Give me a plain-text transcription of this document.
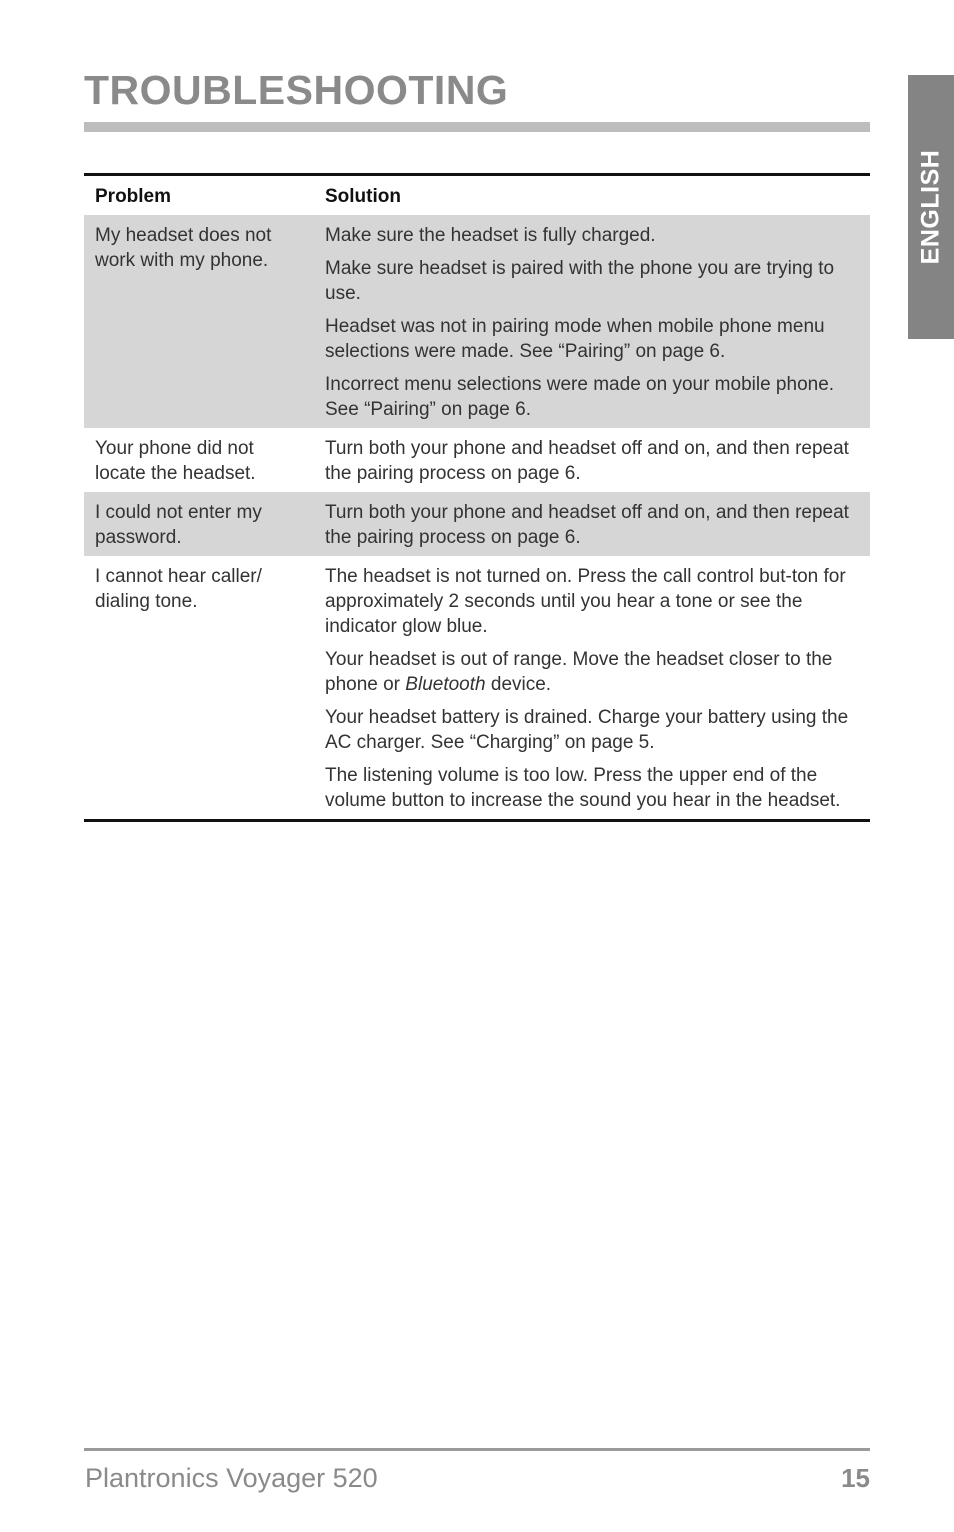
TROUBLESHOOTING
ENGLISH
Problem	Solution
My headset does not work with my phone.	Make sure the headset is fully charged.

Make sure headset is paired with the phone you are trying to use.

Headset was not in pairing mode when mobile phone menu selections were made. See “Pairing” on page 6.

Incorrect menu selections were made on your mobile phone. See “Pairing” on page 6.

Your phone did not locate the headset.	Turn both your phone and headset off and on, and then repeat the pairing process on page 6.

I could not enter my password.	Turn both your phone and headset off and on, and then repeat the pairing process on page 6.

I cannot hear caller/ dialing tone.	The headset is not turned on. Press the call control but-ton for approximately 2 seconds until you hear a tone or see the indicator glow blue.

Your headset is out of range. Move the headset closer to the phone or Bluetooth device.

Your headset battery is drained. Charge your battery using the AC charger. See “Charging” on page 5.

The listening volume is too low. Press the upper end of the volume button to increase the sound you hear in the headset.

Plantronics Voyager 520	15
